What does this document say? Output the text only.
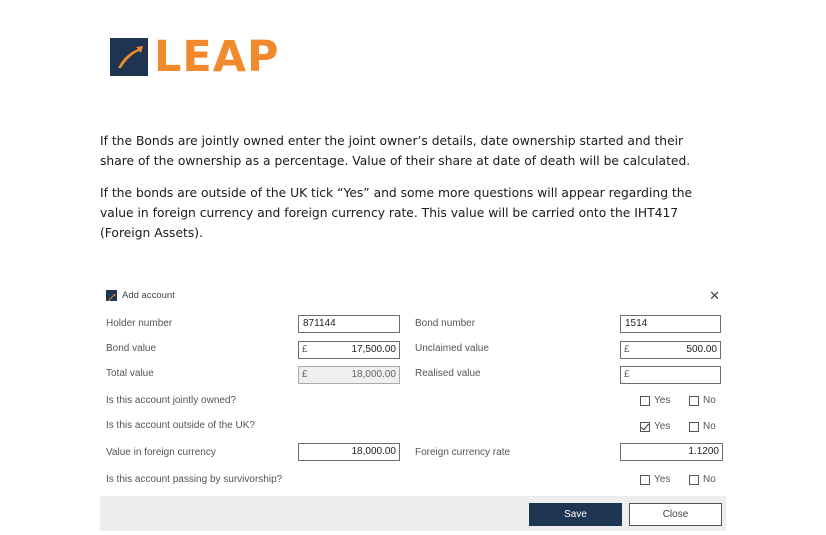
LEAP

If the Bonds are jointly owned enter the joint owner’s details, date ownership started and their share of the ownership as a percentage. Value of their share at date of death will be calculated.

If the bonds are outside of the UK tick “Yes” and some more questions will appear regarding the value in foreign currency and foreign currency rate. This value will be carried onto the IHT417 (Foreign Assets).

Add account	✕
Holder number	871144	Bond number	1514
Bond value	£	17,500.00 Unclaimed value	£	500.00
Total value	£	18,000.00 Realised value	£
Is this account jointly owned?	Yes	No
Is this account outside of the UK?	Yes	No
Value in foreign currency	18,000.00 Foreign currency rate	1.1200
Is this account passing by survivorship?	Yes	No
Save	Close
